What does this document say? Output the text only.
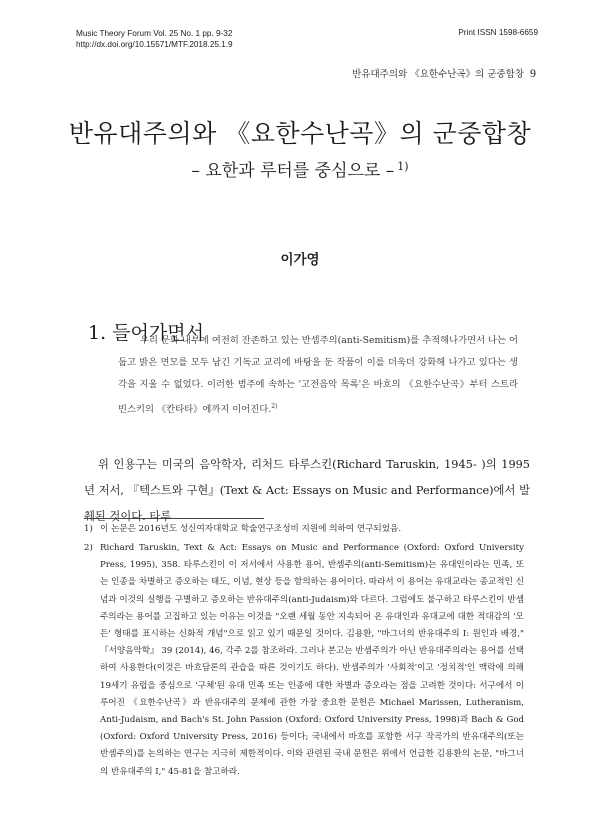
Music Theory Forum Vol. 25 No. 1 pp. 9-32
http://dx.doi.org/10.15571/MTF.2018.25.1.9
Print ISSN 1598-6659
반유대주의와 《요한수난곡》의 군중합창 9
반유대주의와 《요한수난곡》의 군중합창
– 요한과 루터를 중심으로 – $^{1)}$
이가영
1. 들어가면서

우리 문화 내부에 여전히 잔존하고 있는 반셈주의(anti-Semitism)를 추적해나가면서 나는 어둡고 밝은 면모를 모두 남긴 기독교 교리에 바탕을 둔 작품이 이를 더욱더 강화해 나가고 있다는 생각을 지울 수 없었다. 이러한 범주에 속하는 '고전음악 목록'은 바흐의 《요한수난곡》부터 스트라빈스키의 《칸타타》에까지 이어진다.$^{2)}$

위 인용구는 미국의 음악학자, 리처드 타루스킨(Richard Taruskin, 1945- )의 1995년 저서, 『텍스트와 구현』(Text & Act: Essays on Music and Performance)에서 발췌된 것이다. 타루

1) 이 논문은 2016년도 성신여자대학교 학술연구조성비 지원에 의하여 연구되었음.

2) Richard Taruskin, Text & Act: Essays on Music and Performance (Oxford: Oxford University Press, 1995), 358. 타루스킨이 이 저서에서 사용한 용어, 반셈주의(anti-Semitism)는 유대인이라는 민족, 또는 인종을 차별하고 증오하는 태도, 이념, 현상 등을 함의하는 용어이다. 따라서 이 용어는 유대교라는 종교적인 신념과 이것의 실행을 구별하고 증오하는 반유대주의(anti-Judaism)와 다르다. 그럼에도 불구하고 타루스킨이 반셈주의라는 용어를 고집하고 있는 이유는 이것을 "오랜 세월 동안 지속되어 온 유대인과 유대교에 대한 적대감의 '모든' 형태를 표시하는 신화적 개념"으로 읽고 있기 때문일 것이다. 김용환, "바그너의 반유대주의 I: 원인과 배경," 『서양음악학』 39 (2014), 46, 각주 2를 참조하라. 그러나 본고는 반셈주의가 아닌 반유대주의라는 용어를 선택하여 사용한다(이것은 바흐담론의 관습을 따른 것이기도 하다). 반셈주의가 '사회적'이고 '정치적'인 맥락에 의해 19세기 유럽을 중심으로 '구체'된 유대 민족 또는 인종에 대한 차별과 증오라는 점을 고려한 것이다: 서구에서 이루어진 《요한수난곡》과 반유대주의 문제에 관한 가장 중요한 문헌은 Michael Marissen, Lutheranism, Anti-Judaism, and Bach's St. John Passion (Oxford: Oxford University Press, 1998)과 Bach & God (Oxford: Oxford University Press, 2016) 등이다; 국내에서 바흐를 포함한 서구 작곡가의 반유대주의(또는 반셈주의)를 논의하는 연구는 지극히 제한적이다. 이와 관련된 국내 문헌은 위에서 언급한 김용환의 논문, "바그너의 반유대주의 I," 45-81을 참고하라.
